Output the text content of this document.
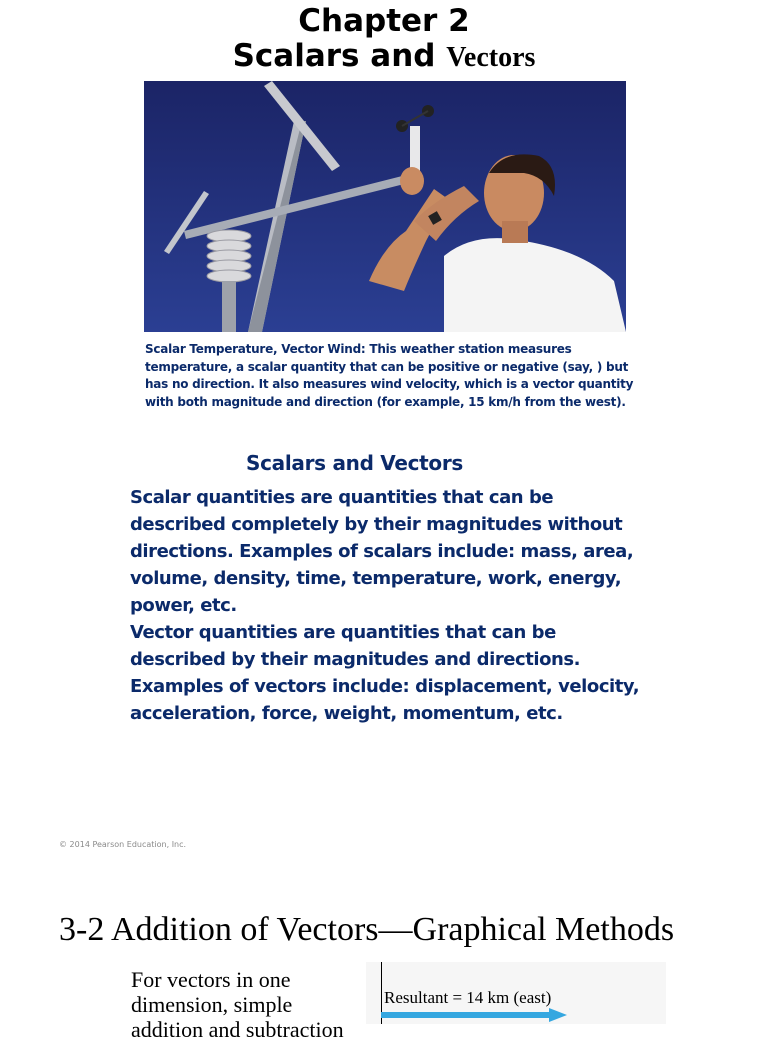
Chapter 2
Scalars and Vectors
Scalar Temperature, Vector Wind: This weather station measures temperature, a scalar quantity that can be positive or negative (say, ) but has no direction. It also measures wind velocity, which is a vector quantity with both magnitude and direction (for example, 15 km/h from the west).
Scalars and Vectors
Scalar quantities are quantities that can be described completely by their magnitudes without directions. Examples of scalars include: mass, area, volume, density, time, temperature, work, energy, power, etc.
Vector quantities are quantities that can be described by their magnitudes and directions. Examples of vectors include: displacement, velocity, acceleration, force, weight, momentum, etc.
© 2014 Pearson Education, Inc.
3-2 Addition of Vectors—Graphical Methods
For vectors in one dimension, simple addition and subtraction
Resultant = 14 km (east)
